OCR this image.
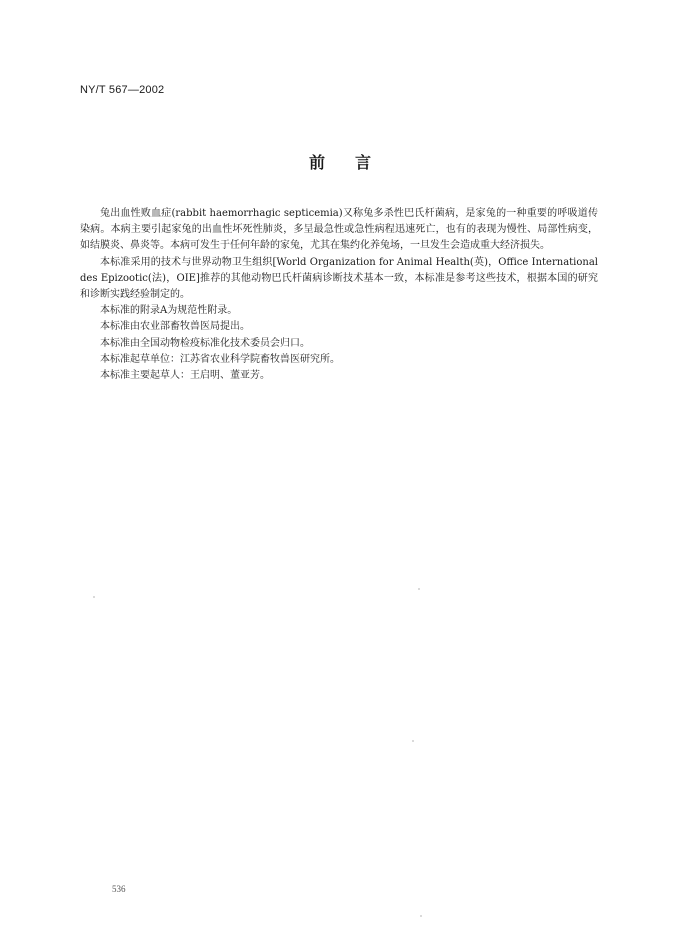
NY/T 567—2002
前言

兔出血性败血症(rabbit haemorrhagic septicemia)又称兔多杀性巴氏杆菌病，是家兔的一种重要的呼吸道传染病。本病主要引起家兔的出血性坏死性肺炎，多呈最急性或急性病程迅速死亡，也有的表现为慢性、局部性病变，如结膜炎、鼻炎等。本病可发生于任何年龄的家兔，尤其在集约化养兔场，一旦发生会造成重大经济损失。

本标准采用的技术与世界动物卫生组织[World Organization for Animal Health(英)，Office International des Epizootic(法)，OIE]推荐的其他动物巴氏杆菌病诊断技术基本一致，本标准是参考这些技术，根据本国的研究和诊断实践经验制定的。

本标准的附录A为规范性附录。

本标准由农业部畜牧兽医局提出。

本标准由全国动物检疫标准化技术委员会归口。

本标准起草单位：江苏省农业科学院畜牧兽医研究所。

本标准主要起草人：王启明、董亚芳。

536
